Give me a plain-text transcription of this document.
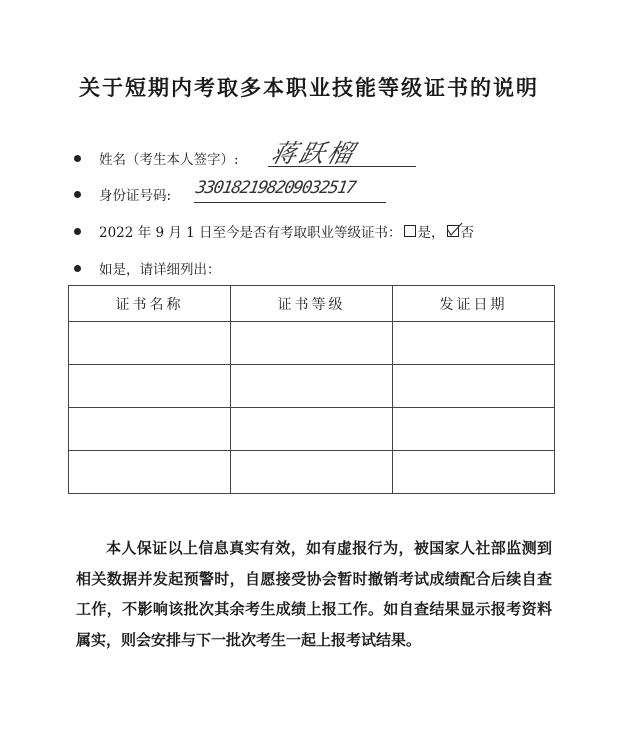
关于短期内考取多本职业技能等级证书的说明
姓名（考生本人签字）: 蒋跃榴
身份证号码: 330182198209032517
2022 年 9 月 1 日至今是否有考取职业等级证书： 是， 否
如是，请详细列出：
证书名称	证书等级	发证日期

本人保证以上信息真实有效，如有虚报行为，被国家人社部监测到相关数据并发起预警时，自愿接受协会暂时撤销考试成绩配合后续自查工作，不影响该批次其余考生成绩上报工作。如自查结果显示报考资料属实，则会安排与下一批次考生一起上报考试结果。
